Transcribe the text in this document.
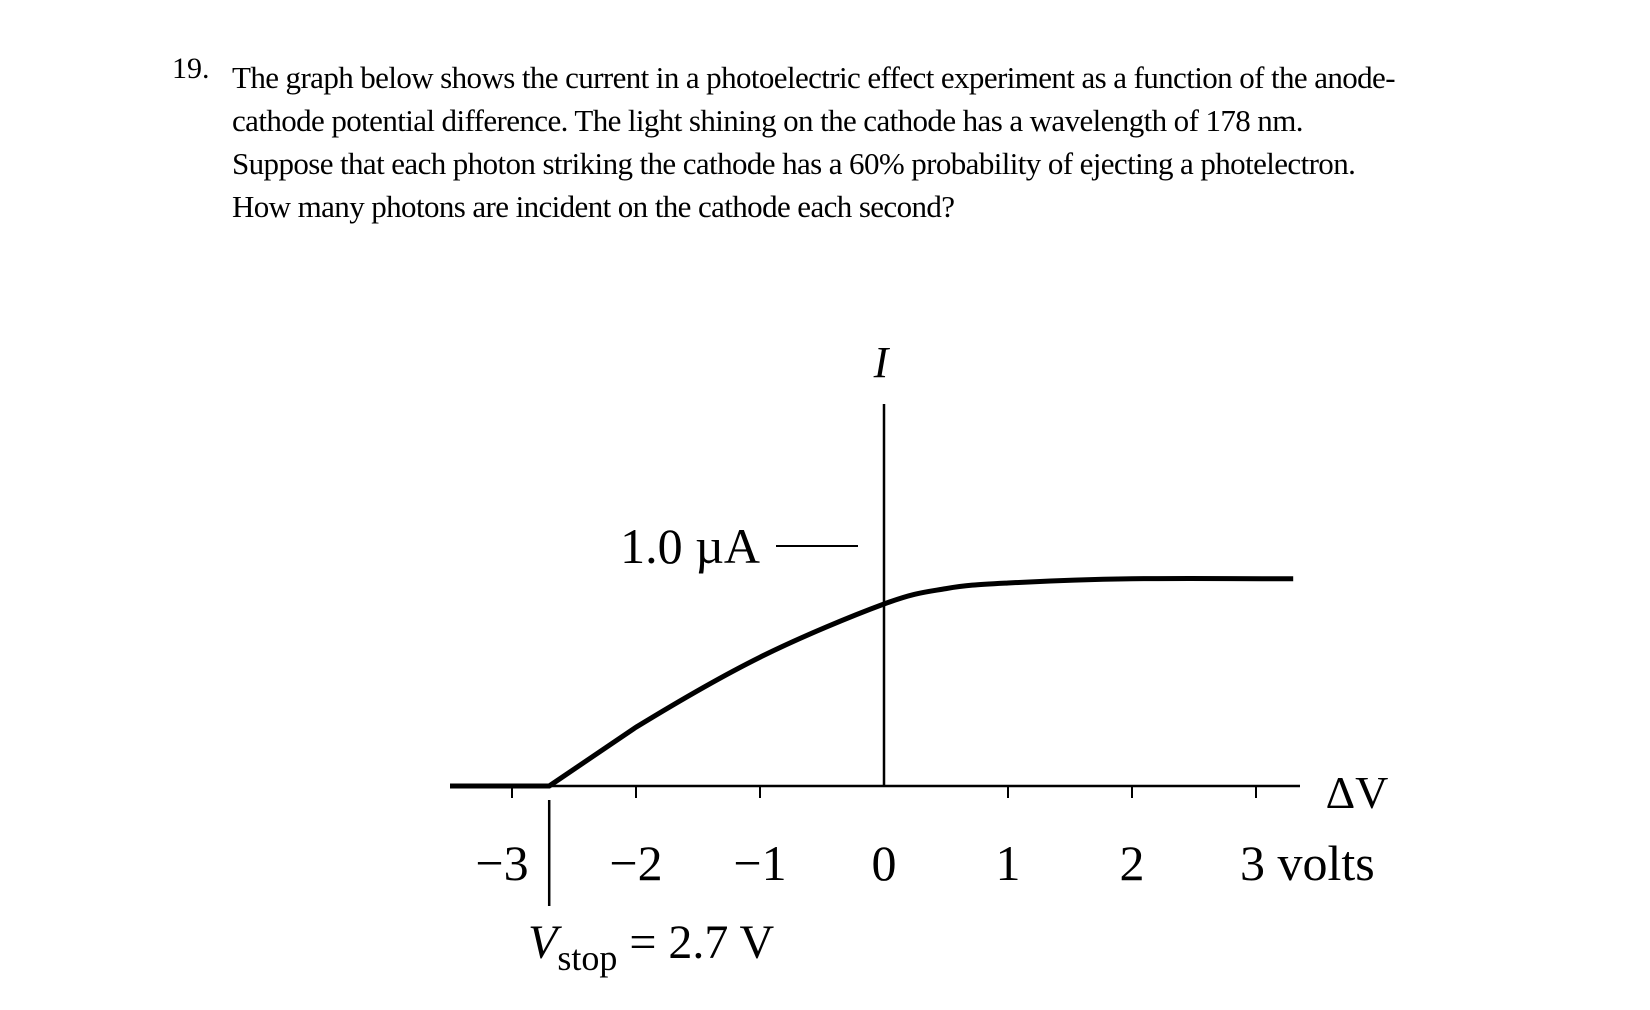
19. The graph below shows the current in a photoelectric effect experiment as a function of the anode-
cathode potential difference. The light shining on the cathode has a wavelength of 178 nm.
Suppose that each photon striking the cathode has a 60% probability of ejecting a photelectron.
How many photons are incident on the cathode each second?
I
ΔV
1.0 µA
−3 −2 −1 0 1 2 3 volts
$V_{stop} = 2.7$ V
